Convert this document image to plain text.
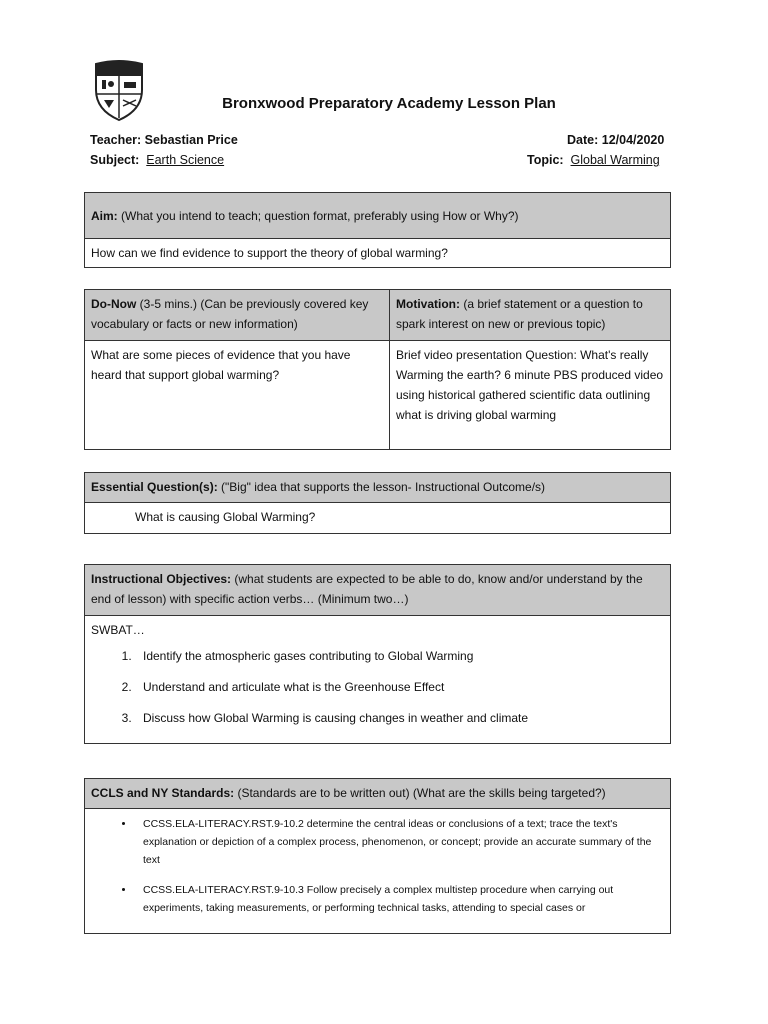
Bronxwood Preparatory Academy Lesson Plan
Teacher: Sebastian Price
Subject: Earth Science
Date: 12/04/2020
Topic: Global Warming
Aim: (What you intend to teach; question format, preferably using How or Why?)
How can we find evidence to support the theory of global warming?
Do-Now (3-5 mins.) (Can be previously covered key vocabulary or facts or new information)	Motivation: (a brief statement or a question to spark interest on new or previous topic)
What are some pieces of evidence that you have heard that support global warming?	Brief video presentation Question: What's really Warming the earth? 6 minute PBS produced video using historical gathered scientific data outlining what is driving global warming
Essential Question(s): ("Big" idea that supports the lesson- Instructional Outcome/s)
What is causing Global Warming?
Instructional Objectives: (what students are expected to be able to do, know and/or understand by the end of lesson) with specific action verbs… (Minimum two…)

SWBAT…
1. Identify the atmospheric gases contributing to Global Warming
2. Understand and articulate what is the Greenhouse Effect
3. Discuss how Global Warming is causing changes in weather and climate
CCLS and NY Standards: (Standards are to be written out) (What are the skills being targeted?)

• CCSS.ELA-LITERACY.RST.9-10.2 determine the central ideas or conclusions of a text; trace the text's explanation or depiction of a complex process, phenomenon, or concept; provide an accurate summary of the text
• CCSS.ELA-LITERACY.RST.9-10.3 Follow precisely a complex multistep procedure when carrying out experiments, taking measurements, or performing technical tasks, attending to special cases or
